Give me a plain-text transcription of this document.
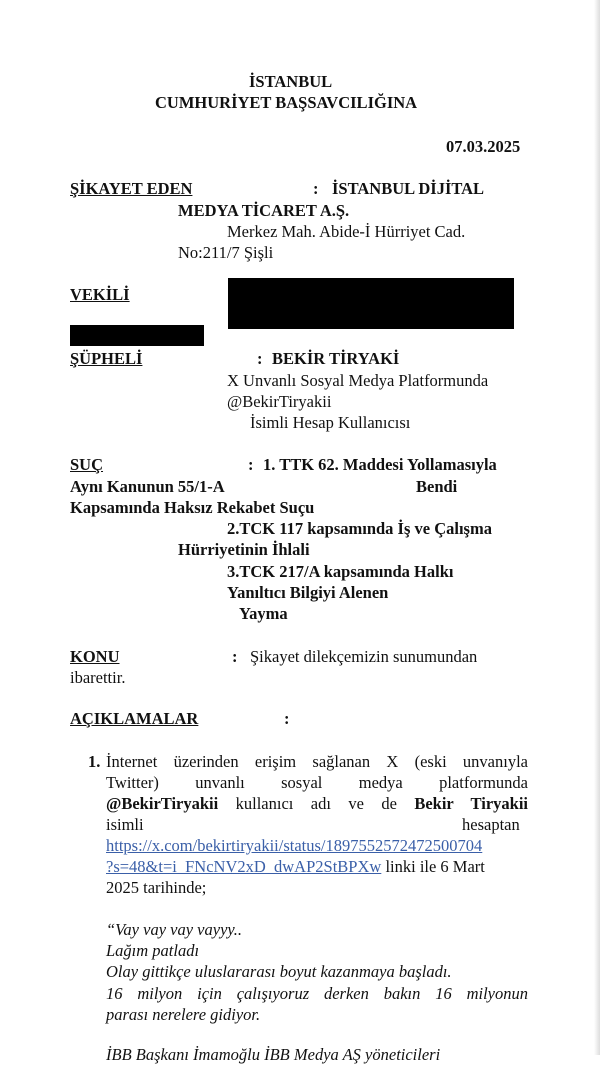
İSTANBUL
CUMHURİYET BAŞSAVCILIĞINA
07.03.2025
ŞİKAYET EDEN	: İSTANBUL DİJİTAL
MEDYA TİCARET A.Ş.
Merkez Mah. Abide-İ Hürriyet Cad.
No:211/7 Şişli
VEKİLİ
ŞÜPHELİ	: BEKİR TİRYAKİ
X Unvanlı Sosyal Medya Platformunda
@BekirTiryakii
İsimli Hesap Kullanıcısı
SUÇ	: 1. TTK 62. Maddesi Yollamasıyla
Aynı Kanunun 55/1-A	Bendi
Kapsamında Haksız Rekabet Suçu
2.TCK 117 kapsamında İş ve Çalışma
Hürriyetinin İhlali
3.TCK 217/A kapsamında Halkı
Yanıltıcı Bilgiyi Alenen
Yayma
KONU	: Şikayet dilekçemizin sunumundan
ibarettir.
AÇIKLAMALAR	:
1. İnternet üzerinden erişim sağlanan X (eski unvanıyla
Twitter) unvanlı sosyal medya platformunda
@BekirTiryakii kullanıcı adı ve de Bekir Tiryakii
isimli	hesaptan
https://x.com/bekirtiryakii/status/1897552572472500704
?s=48&t=i_FNcNV2xD_dwAP2StBPXw linki ile 6 Mart
2025 tarihinde;
“Vay vay vay vayyy..
Lağım patladı
Olay gittikçe uluslararası boyut kazanmaya başladı.
16 milyon için çalışıyoruz derken bakın 16 milyonun
parası nerelere gidiyor.
İBB Başkanı İmamoğlu İBB Medya AŞ yöneticileri
